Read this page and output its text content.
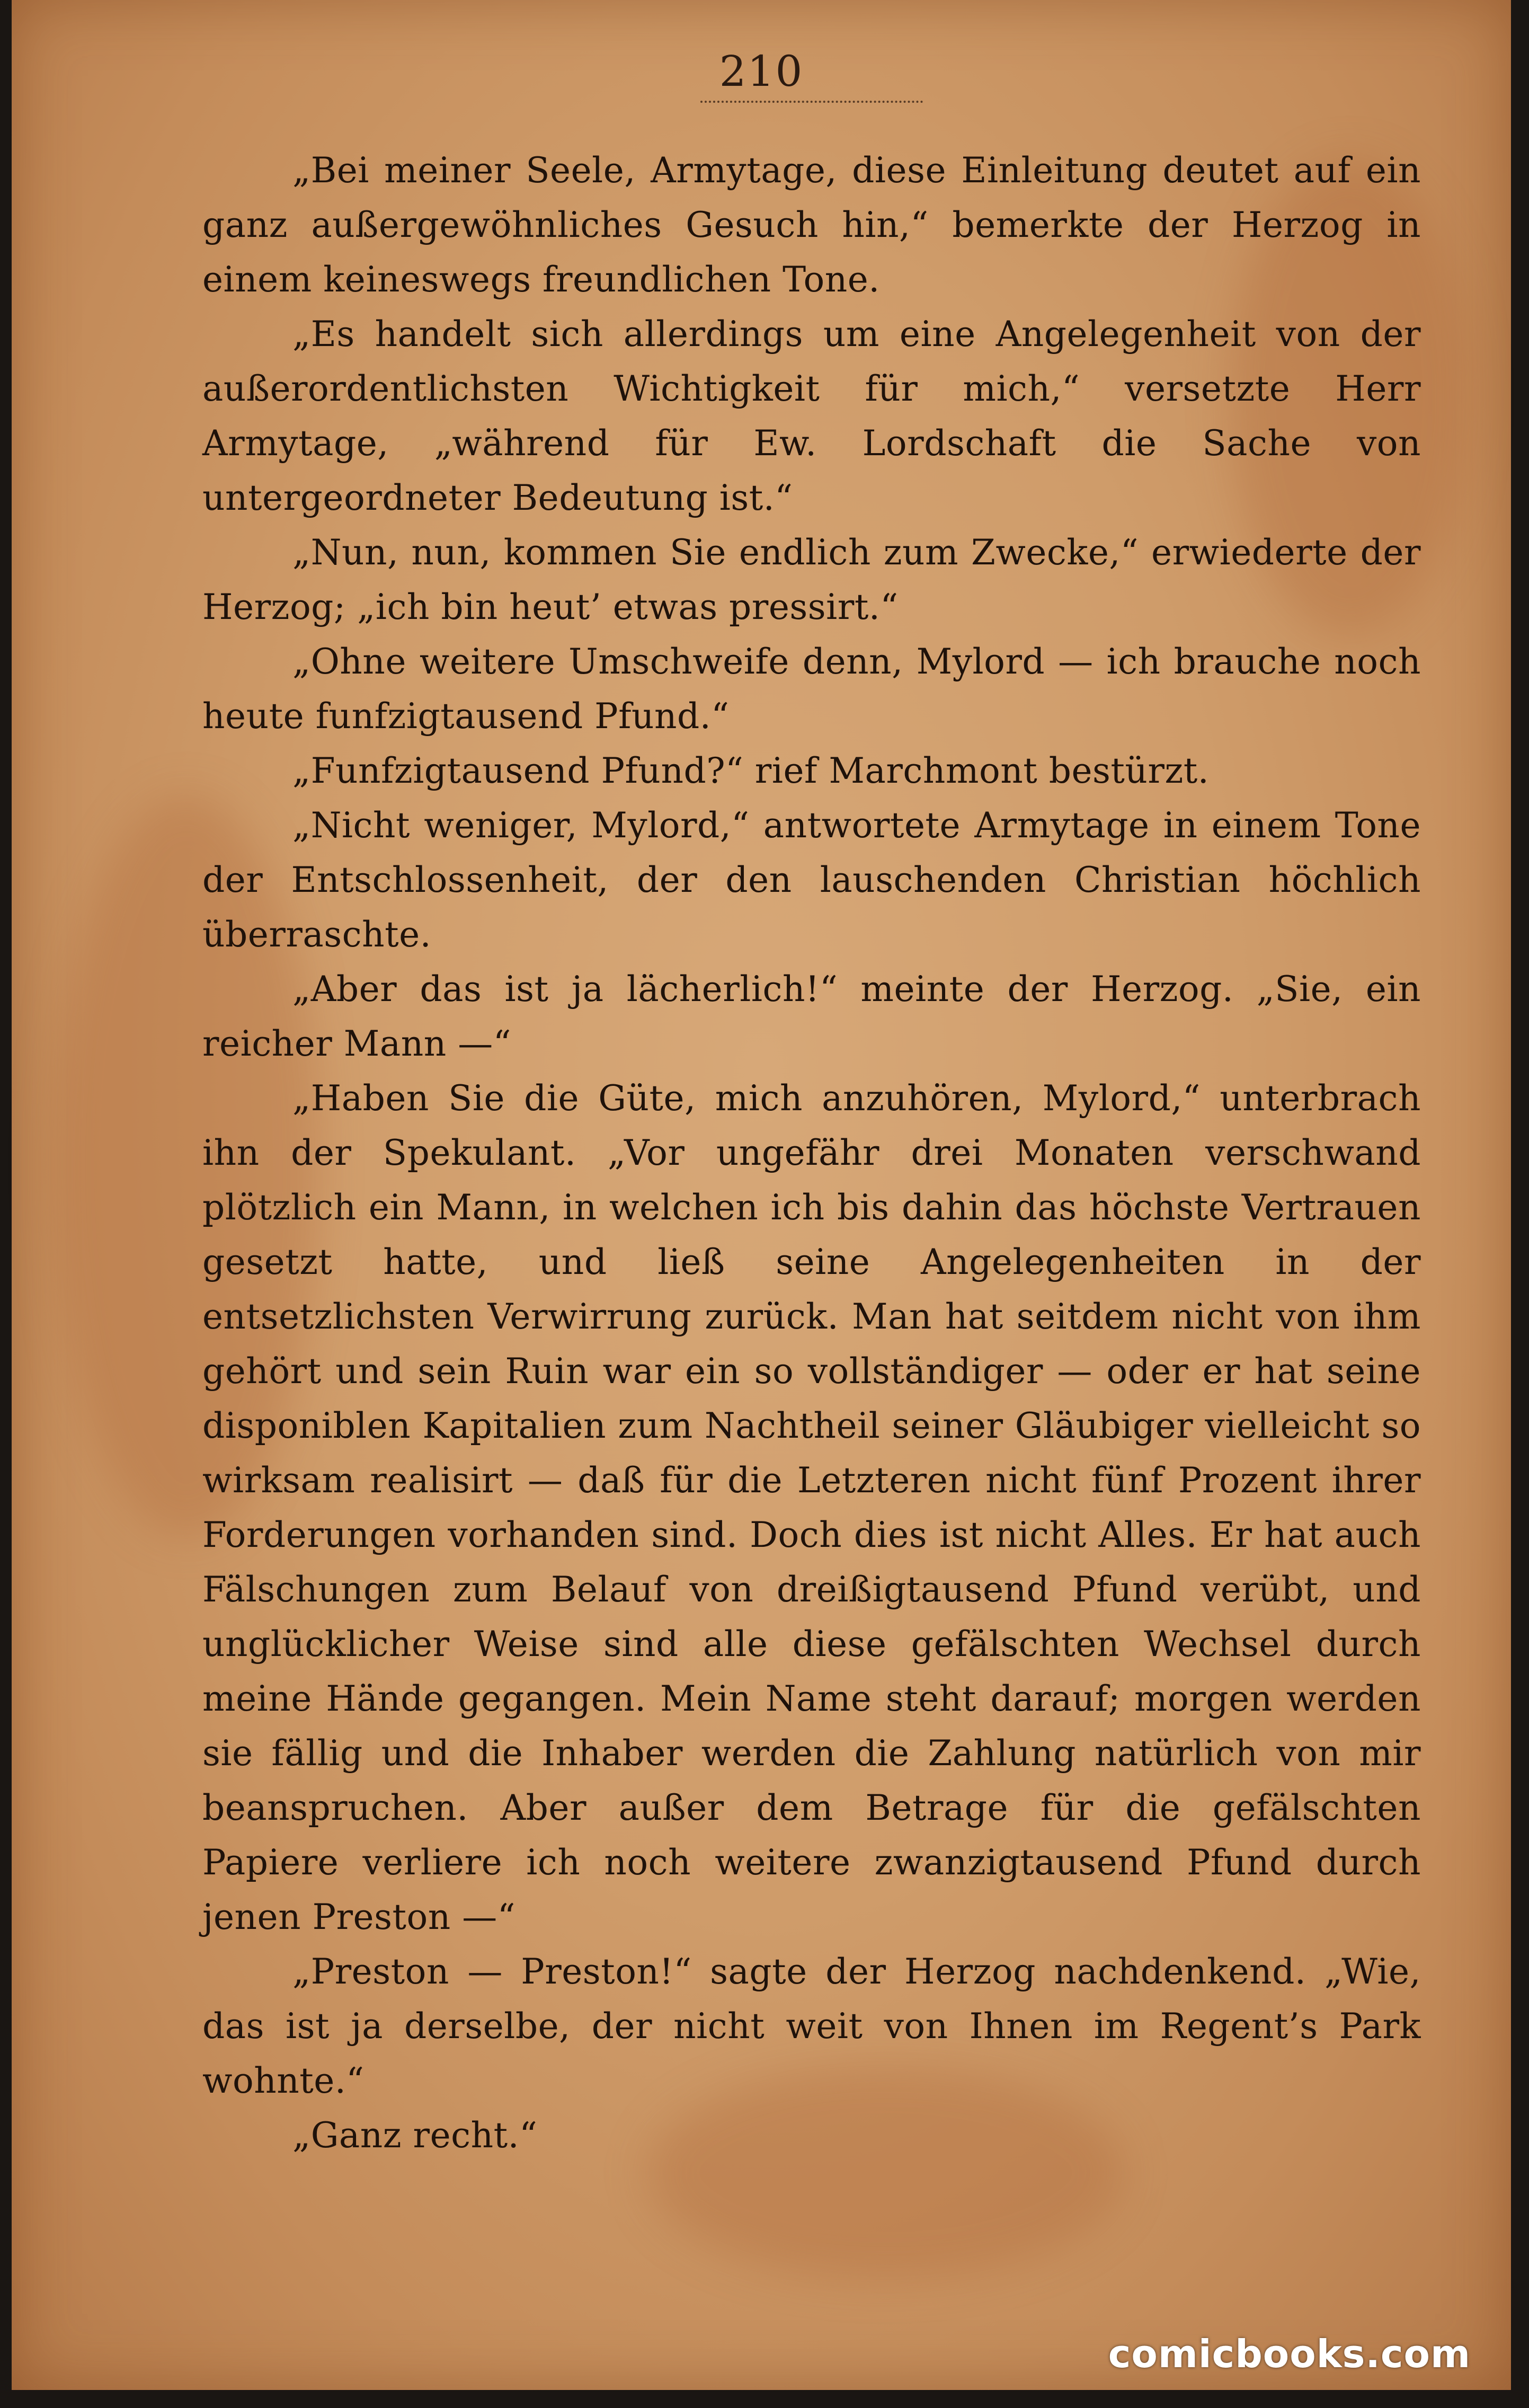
210

„Bei meiner Seele, Armytage, diese Einleitung deutet auf ein ganz außergewöhnliches Gesuch hin,“ bemerkte der Herzog in einem keineswegs freundlichen Tone.

„Es handelt sich allerdings um eine Angelegenheit von der außerordentlichsten Wichtigkeit für mich,“ versetzte Herr Armytage, „während für Ew. Lordschaft die Sache von untergeordneter Bedeutung ist.“

„Nun, nun, kommen Sie endlich zum Zwecke,“ erwiederte der Herzog; „ich bin heut’ etwas pressirt.“

„Ohne weitere Umschweife denn, Mylord — ich brauche noch heute funfzigtausend Pfund.“

„Funfzigtausend Pfund?“ rief Marchmont bestürzt.

„Nicht weniger, Mylord,“ antwortete Armytage in einem Tone der Entschlossenheit, der den lauschenden Christian höchlich überraschte.

„Aber das ist ja lächerlich!“ meinte der Herzog. „Sie, ein reicher Mann —“

„Haben Sie die Güte, mich anzuhören, Mylord,“ unterbrach ihn der Spekulant. „Vor ungefähr drei Monaten verschwand plötzlich ein Mann, in welchen ich bis dahin das höchste Vertrauen gesetzt hatte, und ließ seine Angelegenheiten in der entsetzlichsten Verwirrung zurück. Man hat seitdem nicht von ihm gehört und sein Ruin war ein so vollständiger — oder er hat seine disponiblen Kapitalien zum Nachtheil seiner Gläubiger vielleicht so wirksam realisirt — daß für die Letzteren nicht fünf Prozent ihrer Forderungen vorhanden sind. Doch dies ist nicht Alles. Er hat auch Fälschungen zum Belauf von dreißigtausend Pfund verübt, und unglücklicher Weise sind alle diese gefälschten Wechsel durch meine Hände gegangen. Mein Name steht darauf; morgen werden sie fällig und die Inhaber werden die Zahlung natürlich von mir beanspruchen. Aber außer dem Betrage für die gefälschten Papiere verliere ich noch weitere zwanzigtausend Pfund durch jenen Preston —“

„Preston — Preston!“ sagte der Herzog nachdenkend. „Wie, das ist ja derselbe, der nicht weit von Ihnen im Regent’s Park wohnte.“

„Ganz recht.“

comicbooks.com
